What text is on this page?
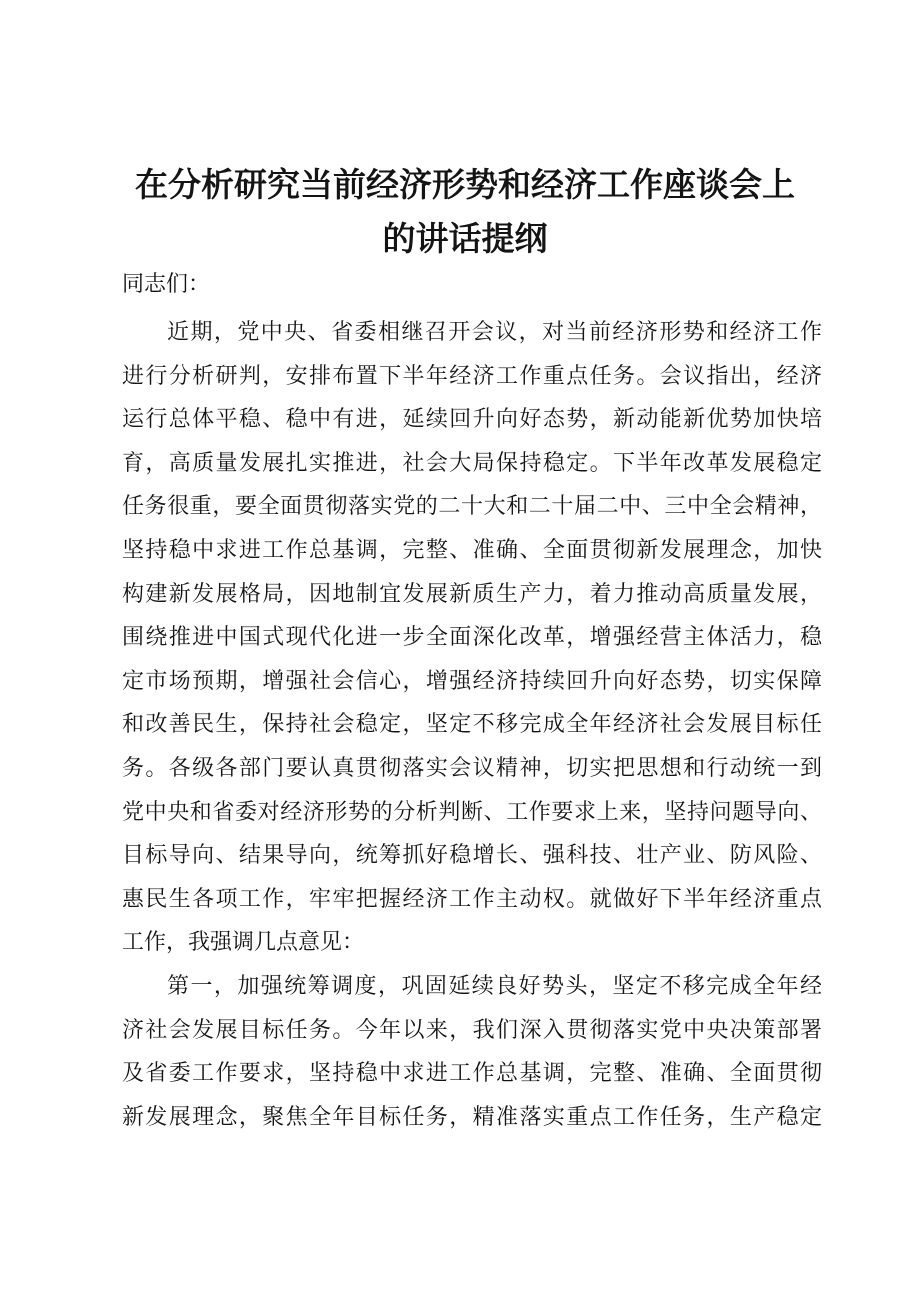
在分析研究当前经济形势和经济工作座谈会上
的讲话提纲
同志们：
近期，党中央、省委相继召开会议，对当前经济形势和经济工作
进行分析研判，安排布置下半年经济工作重点任务。会议指出，经济
运行总体平稳、稳中有进，延续回升向好态势，新动能新优势加快培
育，高质量发展扎实推进，社会大局保持稳定。下半年改革发展稳定
任务很重，要全面贯彻落实党的二十大和二十届二中、三中全会精神，
坚持稳中求进工作总基调，完整、准确、全面贯彻新发展理念，加快
构建新发展格局，因地制宜发展新质生产力，着力推动高质量发展，
围绕推进中国式现代化进一步全面深化改革，增强经营主体活力，稳
定市场预期，增强社会信心，增强经济持续回升向好态势，切实保障
和改善民生，保持社会稳定，坚定不移完成全年经济社会发展目标任
务。各级各部门要认真贯彻落实会议精神，切实把思想和行动统一到
党中央和省委对经济形势的分析判断、工作要求上来，坚持问题导向、
目标导向、结果导向，统筹抓好稳增长、强科技、壮产业、防风险、
惠民生各项工作，牢牢把握经济工作主动权。就做好下半年经济重点
工作，我强调几点意见：
第一，加强统筹调度，巩固延续良好势头，坚定不移完成全年经
济社会发展目标任务。今年以来，我们深入贯彻落实党中央决策部署
及省委工作要求，坚持稳中求进工作总基调，完整、准确、全面贯彻
新发展理念，聚焦全年目标任务，精准落实重点工作任务，生产稳定
